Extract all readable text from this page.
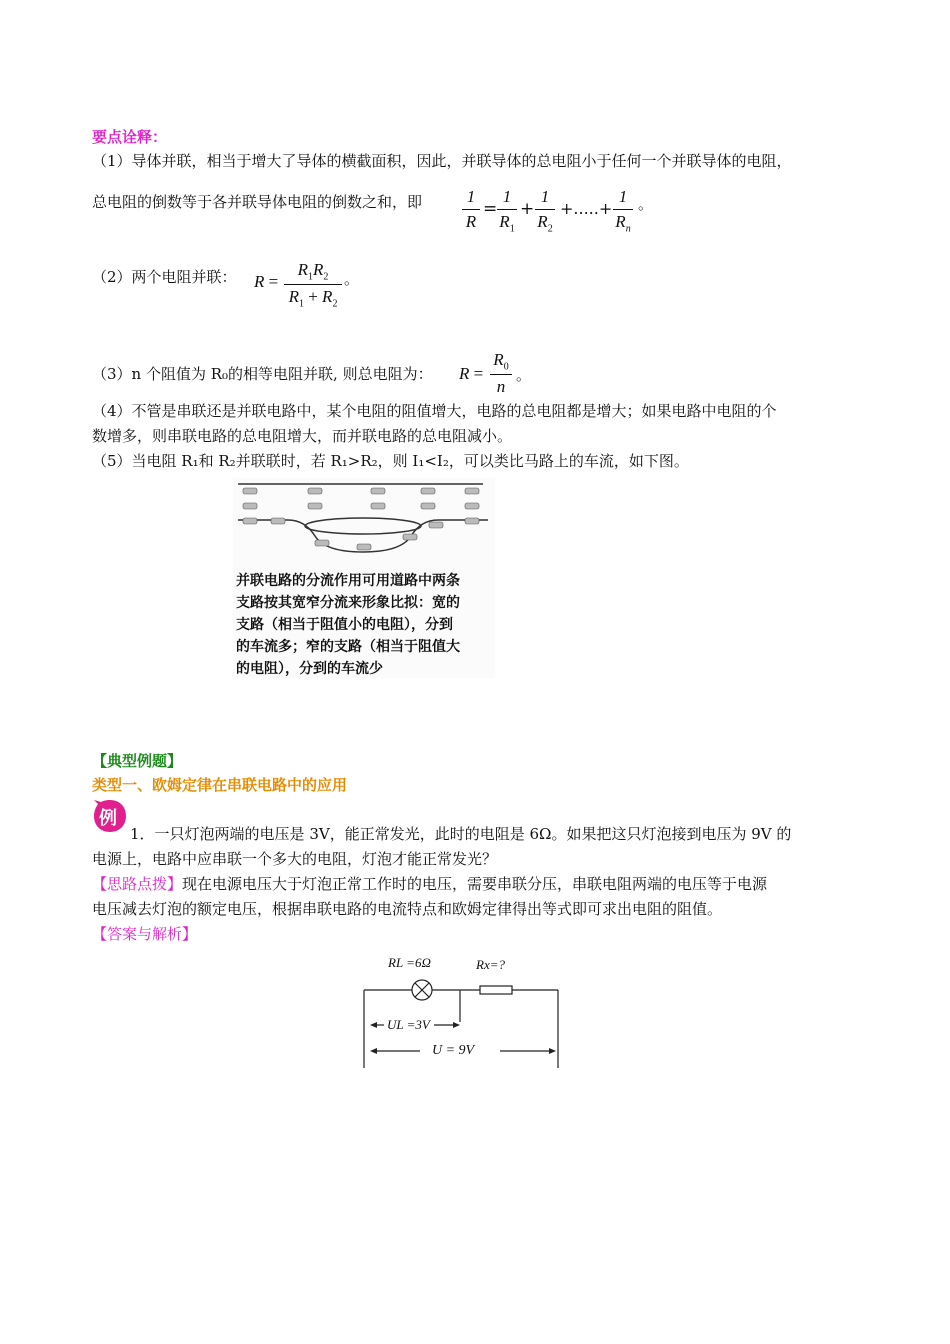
要点诠释：
（1）导体并联，相当于增大了导体的横截面积，因此，并联导体的总电阻小于任何一个并联导体的电阻，
总电阻的倒数等于各并联导体电阻的倒数之和，即	1
R
=
1
$R_1$
+
1
$R_2$
+.....+
1
$R_n$
。
（2）两个电阻并联： R =
$R_1R_2$
$R_1 + R_2$
。
（3）n 个阻值为 R₀的相等电阻并联, 则总电阻为： R =
$R_0$
n
。
（4）不管是串联还是并联电路中，某个电阻的阻值增大，电路的总电阻都是增大；如果电路中电阻的个
数增多，则串联电路的总电阻增大，而并联电路的总电阻减小。
（5）当电阻 R₁和 R₂并联联时，若 R₁>R₂，则 I₁<I₂，可以类比马路上的车流，如下图。
并联电路的分流作用可用道路中两条
支路按其宽窄分流来形象比拟：宽的
支路（相当于阻值小的电阻），分到
的车流多；窄的支路（相当于阻值大
的电阻），分到的车流少
【典型例题】
类型一、欧姆定律在串联电路中的应用
例
1．一只灯泡两端的电压是 3V，能正常发光，此时的电阻是 6Ω。如果把这只灯泡接到电压为 9V 的
电源上，电路中应串联一个多大的电阻，灯泡才能正常发光？
【思路点拨】现在电源电压大于灯泡正常工作时的电压，需要串联分压，串联电阻两端的电压等于电源
电压减去灯泡的额定电压，根据串联电路的电流特点和欧姆定律得出等式即可求出电阻的阻值。
【答案与解析】
RL =6Ω	Rx=?
UL =3V
U = 9V
